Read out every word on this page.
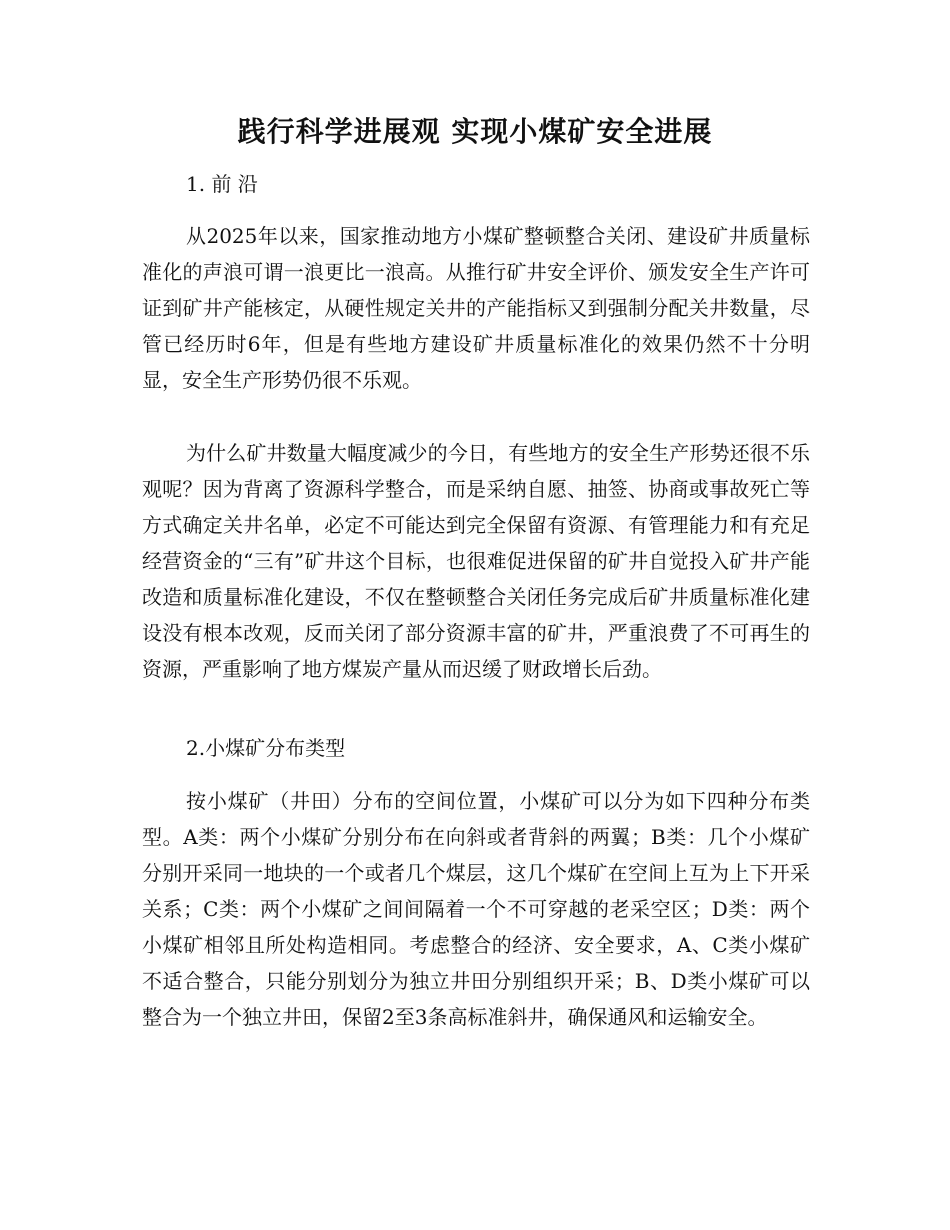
践行科学进展观 实现小煤矿安全进展

1. 前 沿

从2025年以来，国家推动地方小煤矿整顿整合关闭、建设矿井质量标准化的声浪可谓一浪更比一浪高。从推行矿井安全评价、颁发安全生产许可证到矿井产能核定，从硬性规定关井的产能指标又到强制分配关井数量，尽管已经历时6年，但是有些地方建设矿井质量标准化的效果仍然不十分明显，安全生产形势仍很不乐观。

为什么矿井数量大幅度减少的今日，有些地方的安全生产形势还很不乐观呢？因为背离了资源科学整合，而是采纳自愿、抽签、协商或事故死亡等方式确定关井名单，必定不可能达到完全保留有资源、有管理能力和有充足经营资金的“三有”矿井这个目标，也很难促进保留的矿井自觉投入矿井产能改造和质量标准化建设，不仅在整顿整合关闭任务完成后矿井质量标准化建设没有根本改观，反而关闭了部分资源丰富的矿井，严重浪费了不可再生的资源，严重影响了地方煤炭产量从而迟缓了财政增长后劲。

2.小煤矿分布类型

按小煤矿（井田）分布的空间位置，小煤矿可以分为如下四种分布类型。A类：两个小煤矿分别分布在向斜或者背斜的两翼；B类：几个小煤矿分别开采同一地块的一个或者几个煤层，这几个煤矿在空间上互为上下开采关系；C类：两个小煤矿之间间隔着一个不可穿越的老采空区；D类：两个小煤矿相邻且所处构造相同。考虑整合的经济、安全要求，A、C类小煤矿不适合整合，只能分别划分为独立井田分别组织开采；B、D类小煤矿可以整合为一个独立井田，保留2至3条高标准斜井，确保通风和运输安全。
